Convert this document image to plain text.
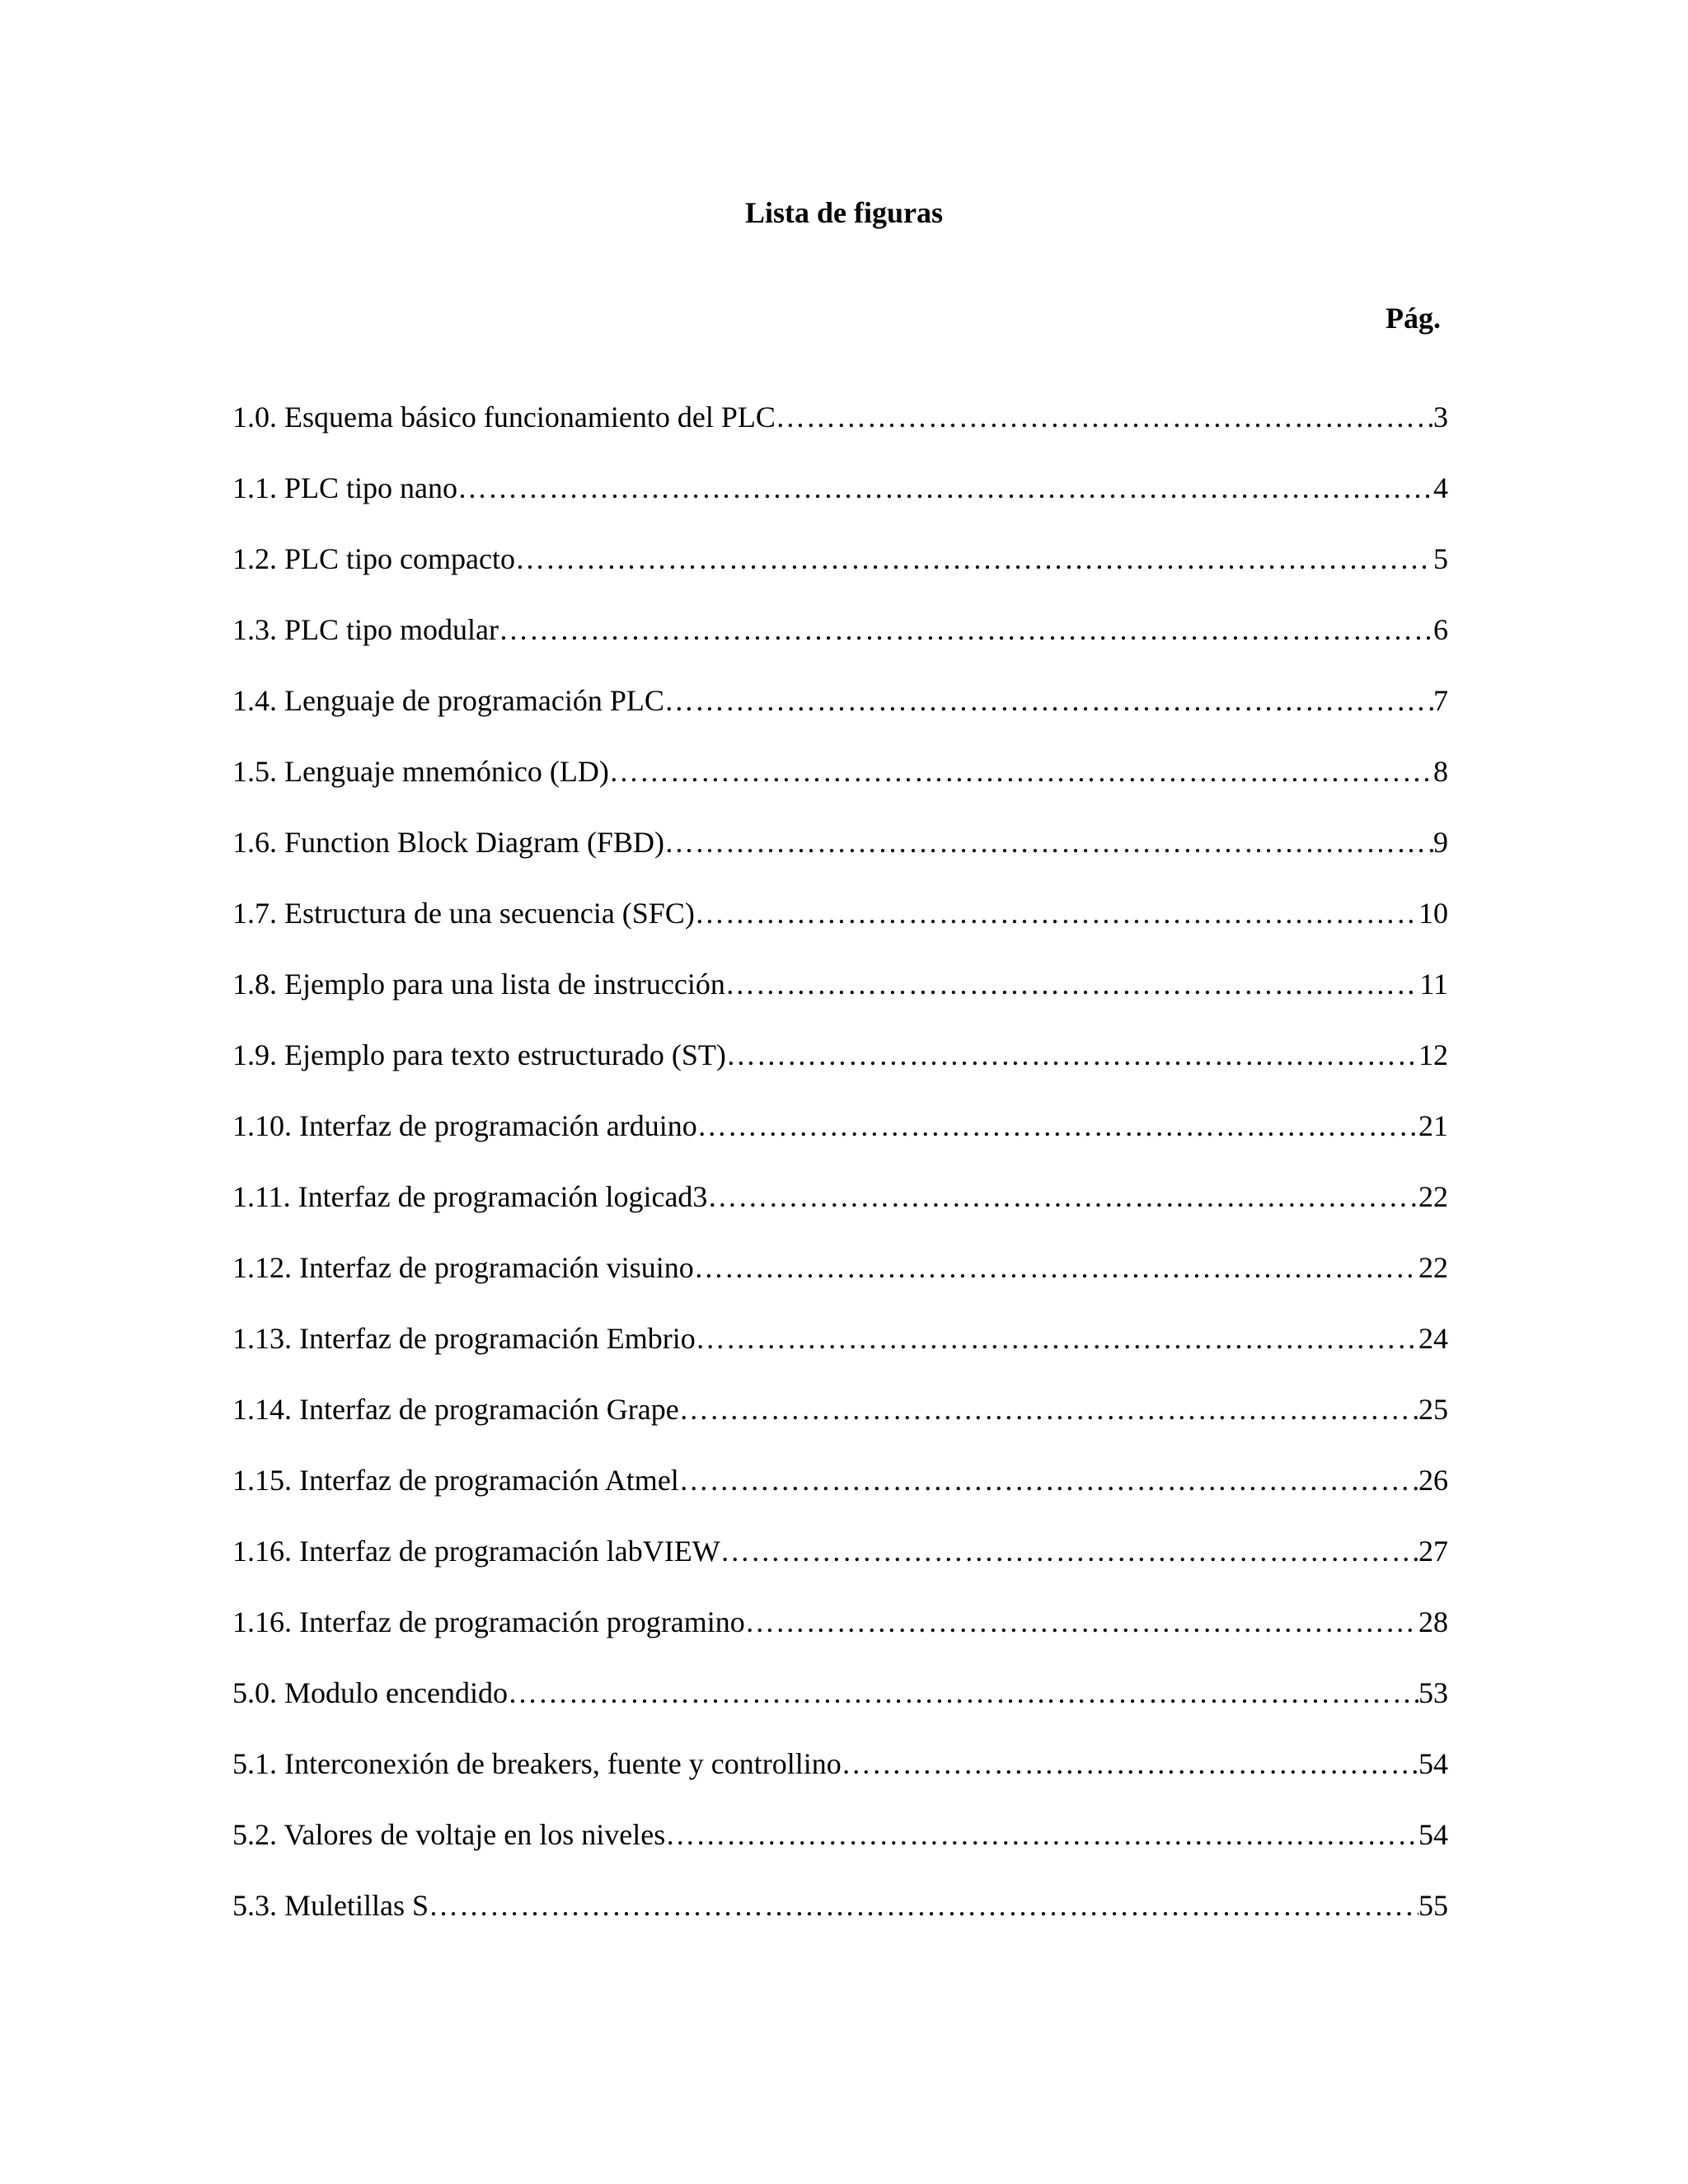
Lista de figuras
Pág.
1.0. Esquema básico funcionamiento del PLC …………………………………………………………………………………………………………………………………………………………………………………………………………………………………………	3
1.1. PLC tipo nano …………………………………………………………………………………………………………………………………………………………………………………………………………………………………………	4
1.2. PLC tipo compacto …………………………………………………………………………………………………………………………………………………………………………………………………………………………………………	5
1.3. PLC tipo modular …………………………………………………………………………………………………………………………………………………………………………………………………………………………………………	6
1.4. Lenguaje de programación PLC …………………………………………………………………………………………………………………………………………………………………………………………………………………………………………	7
1.5. Lenguaje mnemónico (LD) …………………………………………………………………………………………………………………………………………………………………………………………………………………………………………	8
1.6. Function Block Diagram (FBD) …………………………………………………………………………………………………………………………………………………………………………………………………………………………………………	9
1.7. Estructura de una secuencia (SFC) …………………………………………………………………………………………………………………………………………………………………………………………………………………………………………	10
1.8. Ejemplo para una lista de instrucción …………………………………………………………………………………………………………………………………………………………………………………………………………………………………………	11
1.9. Ejemplo para texto estructurado (ST) …………………………………………………………………………………………………………………………………………………………………………………………………………………………………………	12
1.10. Interfaz de programación arduino …………………………………………………………………………………………………………………………………………………………………………………………………………………………………………	21
1.11. Interfaz de programación logicad3 …………………………………………………………………………………………………………………………………………………………………………………………………………………………………………	22
1.12. Interfaz de programación visuino …………………………………………………………………………………………………………………………………………………………………………………………………………………………………………	22
1.13. Interfaz de programación Embrio …………………………………………………………………………………………………………………………………………………………………………………………………………………………………………	24
1.14. Interfaz de programación Grape …………………………………………………………………………………………………………………………………………………………………………………………………………………………………………	25
1.15. Interfaz de programación Atmel …………………………………………………………………………………………………………………………………………………………………………………………………………………………………………	26
1.16. Interfaz de programación labVIEW …………………………………………………………………………………………………………………………………………………………………………………………………………………………………………	27
1.16. Interfaz de programación programino …………………………………………………………………………………………………………………………………………………………………………………………………………………………………………	28
5.0. Modulo encendido …………………………………………………………………………………………………………………………………………………………………………………………………………………………………………	53
5.1. Interconexión de breakers, fuente y controllino …………………………………………………………………………………………………………………………………………………………………………………………………………………………………………	54
5.2. Valores de voltaje en los niveles …………………………………………………………………………………………………………………………………………………………………………………………………………………………………………	54
5.3. Muletillas S …………………………………………………………………………………………………………………………………………………………………………………………………………………………………………	55
